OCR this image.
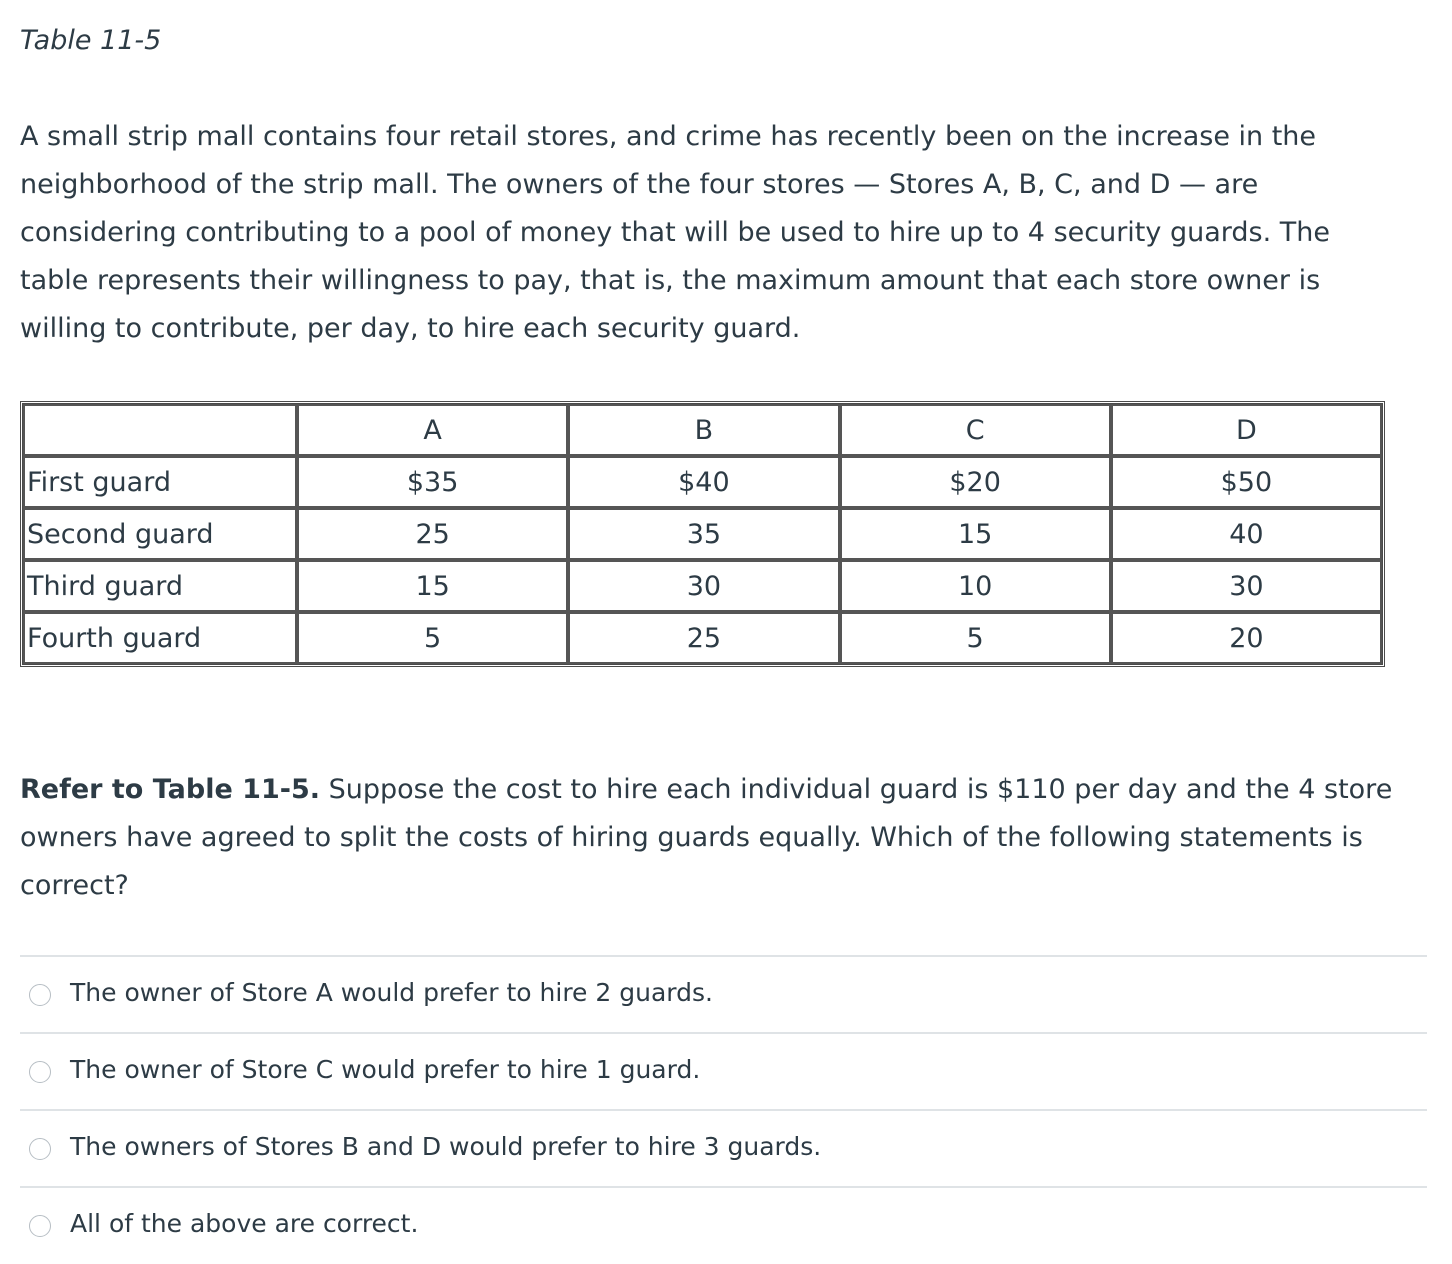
Table 11-5

A small strip mall contains four retail stores, and crime has recently been on the increase in the
neighborhood of the strip mall. The owners of the four stores — Stores A, B, C, and D — are
considering contributing to a pool of money that will be used to hire up to 4 security guards. The
table represents their willingness to pay, that is, the maximum amount that each store owner is
willing to contribute, per day, to hire each security guard.

	A	B	C	D
First guard	$35	$40	$20	$50
Second guard	25	35	15	40
Third guard	15	30	10	30
Fourth guard	5	25	5	20

Refer to Table 11-5. Suppose the cost to hire each individual guard is $110 per day and the 4 store
owners have agreed to split the costs of hiring guards equally. Which of the following statements is
correct?

The owner of Store A would prefer to hire 2 guards.
The owner of Store C would prefer to hire 1 guard.
The owners of Stores B and D would prefer to hire 3 guards.
All of the above are correct.
